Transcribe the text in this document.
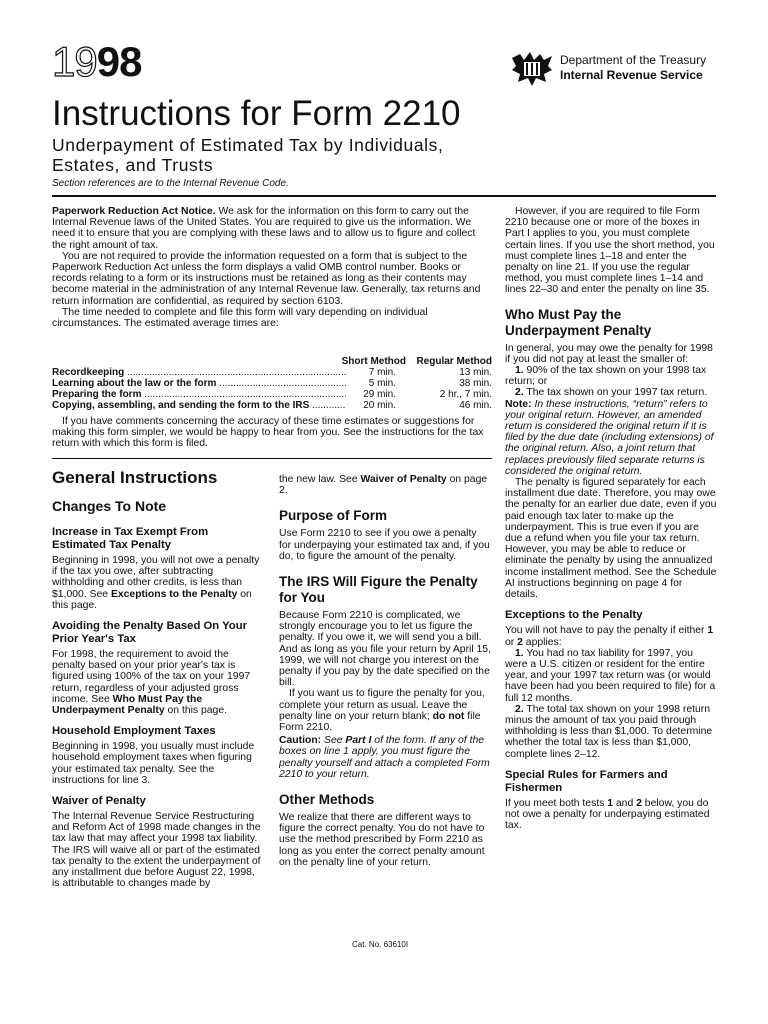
1998	Department of the Treasury
Internal Revenue Service
Instructions for Form 2210
Underpayment of Estimated Tax by Individuals, Estates, and Trusts
Section references are to the Internal Revenue Code.

Paperwork Reduction Act Notice. We ask for the information on this form to carry out the Internal Revenue laws of the United States. You are required to give us the information. We need it to ensure that you are complying with these laws and to allow us to figure and collect the right amount of tax.

You are not required to provide the information requested on a form that is subject to the Paperwork Reduction Act unless the form displays a valid OMB control number. Books or records relating to a form or its instructions must be retained as long as their contents may become material in the administration of any Internal Revenue law. Generally, tax returns and return information are confidential, as required by section 6103.

The time needed to complete and file this form will vary depending on individual circumstances. The estimated average times are:

Short Method	Regular Method
Recordkeeping .....	7 min.	13 min.
Learning about the law or the form .....	5 min.	38 min.
Preparing the form .....	29 min.	2 hr., 7 min.
Copying, assembling, and sending the form to the IRS .....	20 min.	46 min.

If you have comments concerning the accuracy of these time estimates or suggestions for making this form simpler, we would be happy to hear from you. See the instructions for the tax return with which this form is filed.

General Instructions
Changes To Note
Increase in Tax Exempt From Estimated Tax Penalty

Beginning in 1998, you will not owe a penalty if the tax you owe, after subtracting withholding and other credits, is less than $1,000. See Exceptions to the Penalty on this page.

Avoiding the Penalty Based On Your Prior Year's Tax

For 1998, the requirement to avoid the penalty based on your prior year's tax is figured using 100% of the tax on your 1997 return, regardless of your adjusted gross income. See Who Must Pay the Underpayment Penalty on this page.

Household Employment Taxes

Beginning in 1998, you usually must include household employment taxes when figuring your estimated tax penalty. See the instructions for line 3.

Waiver of Penalty

The Internal Revenue Service Restructuring and Reform Act of 1998 made changes in the tax law that may affect your 1998 tax liability. The IRS will waive all or part of the estimated tax penalty to the extent the underpayment of any installment due before August 22, 1998, is attributable to changes made by

the new law. See Waiver of Penalty on page 2.

Purpose of Form

Use Form 2210 to see if you owe a penalty for underpaying your estimated tax and, if you do, to figure the amount of the penalty.

The IRS Will Figure the Penalty for You

Because Form 2210 is complicated, we strongly encourage you to let us figure the penalty. If you owe it, we will send you a bill. And as long as you file your return by April 15, 1999, we will not charge you interest on the penalty if you pay by the date specified on the bill.

If you want us to figure the penalty for you, complete your return as usual. Leave the penalty line on your return blank; do not file Form 2210.

Caution: See Part I of the form. If any of the boxes on line 1 apply, you must figure the penalty yourself and attach a completed Form 2210 to your return.

Other Methods

We realize that there are different ways to figure the correct penalty. You do not have to use the method prescribed by Form 2210 as long as you enter the correct penalty amount on the penalty line of your return.

However, if you are required to file Form 2210 because one or more of the boxes in Part I applies to you, you must complete certain lines. If you use the short method, you must complete lines 1–18 and enter the penalty on line 21. If you use the regular method, you must complete lines 1–14 and lines 22–30 and enter the penalty on line 35.

Who Must Pay the Underpayment Penalty

In general, you may owe the penalty for 1998 if you did not pay at least the smaller of:

1. 90% of the tax shown on your 1998 tax return; or

2. The tax shown on your 1997 tax return.

Note: In these instructions, “return” refers to your original return. However, an amended return is considered the original return if it is filed by the due date (including extensions) of the original return. Also, a joint return that replaces previously filed separate returns is considered the original return.

The penalty is figured separately for each installment due date. Therefore, you may owe the penalty for an earlier due date, even if you paid enough tax later to make up the underpayment. This is true even if you are due a refund when you file your tax return. However, you may be able to reduce or eliminate the penalty by using the annualized income installment method. See the Schedule AI instructions beginning on page 4 for details.

Exceptions to the Penalty

You will not have to pay the penalty if either 1 or 2 applies:

1. You had no tax liability for 1997, you were a U.S. citizen or resident for the entire year, and your 1997 tax return was (or would have been had you been required to file) for a full 12 months.

2. The total tax shown on your 1998 return minus the amount of tax you paid through withholding is less than $1,000. To determine whether the total tax is less than $1,000, complete lines 2–12.

Special Rules for Farmers and Fishermen

If you meet both tests 1 and 2 below, you do not owe a penalty for underpaying estimated tax.

Cat. No. 63610I
